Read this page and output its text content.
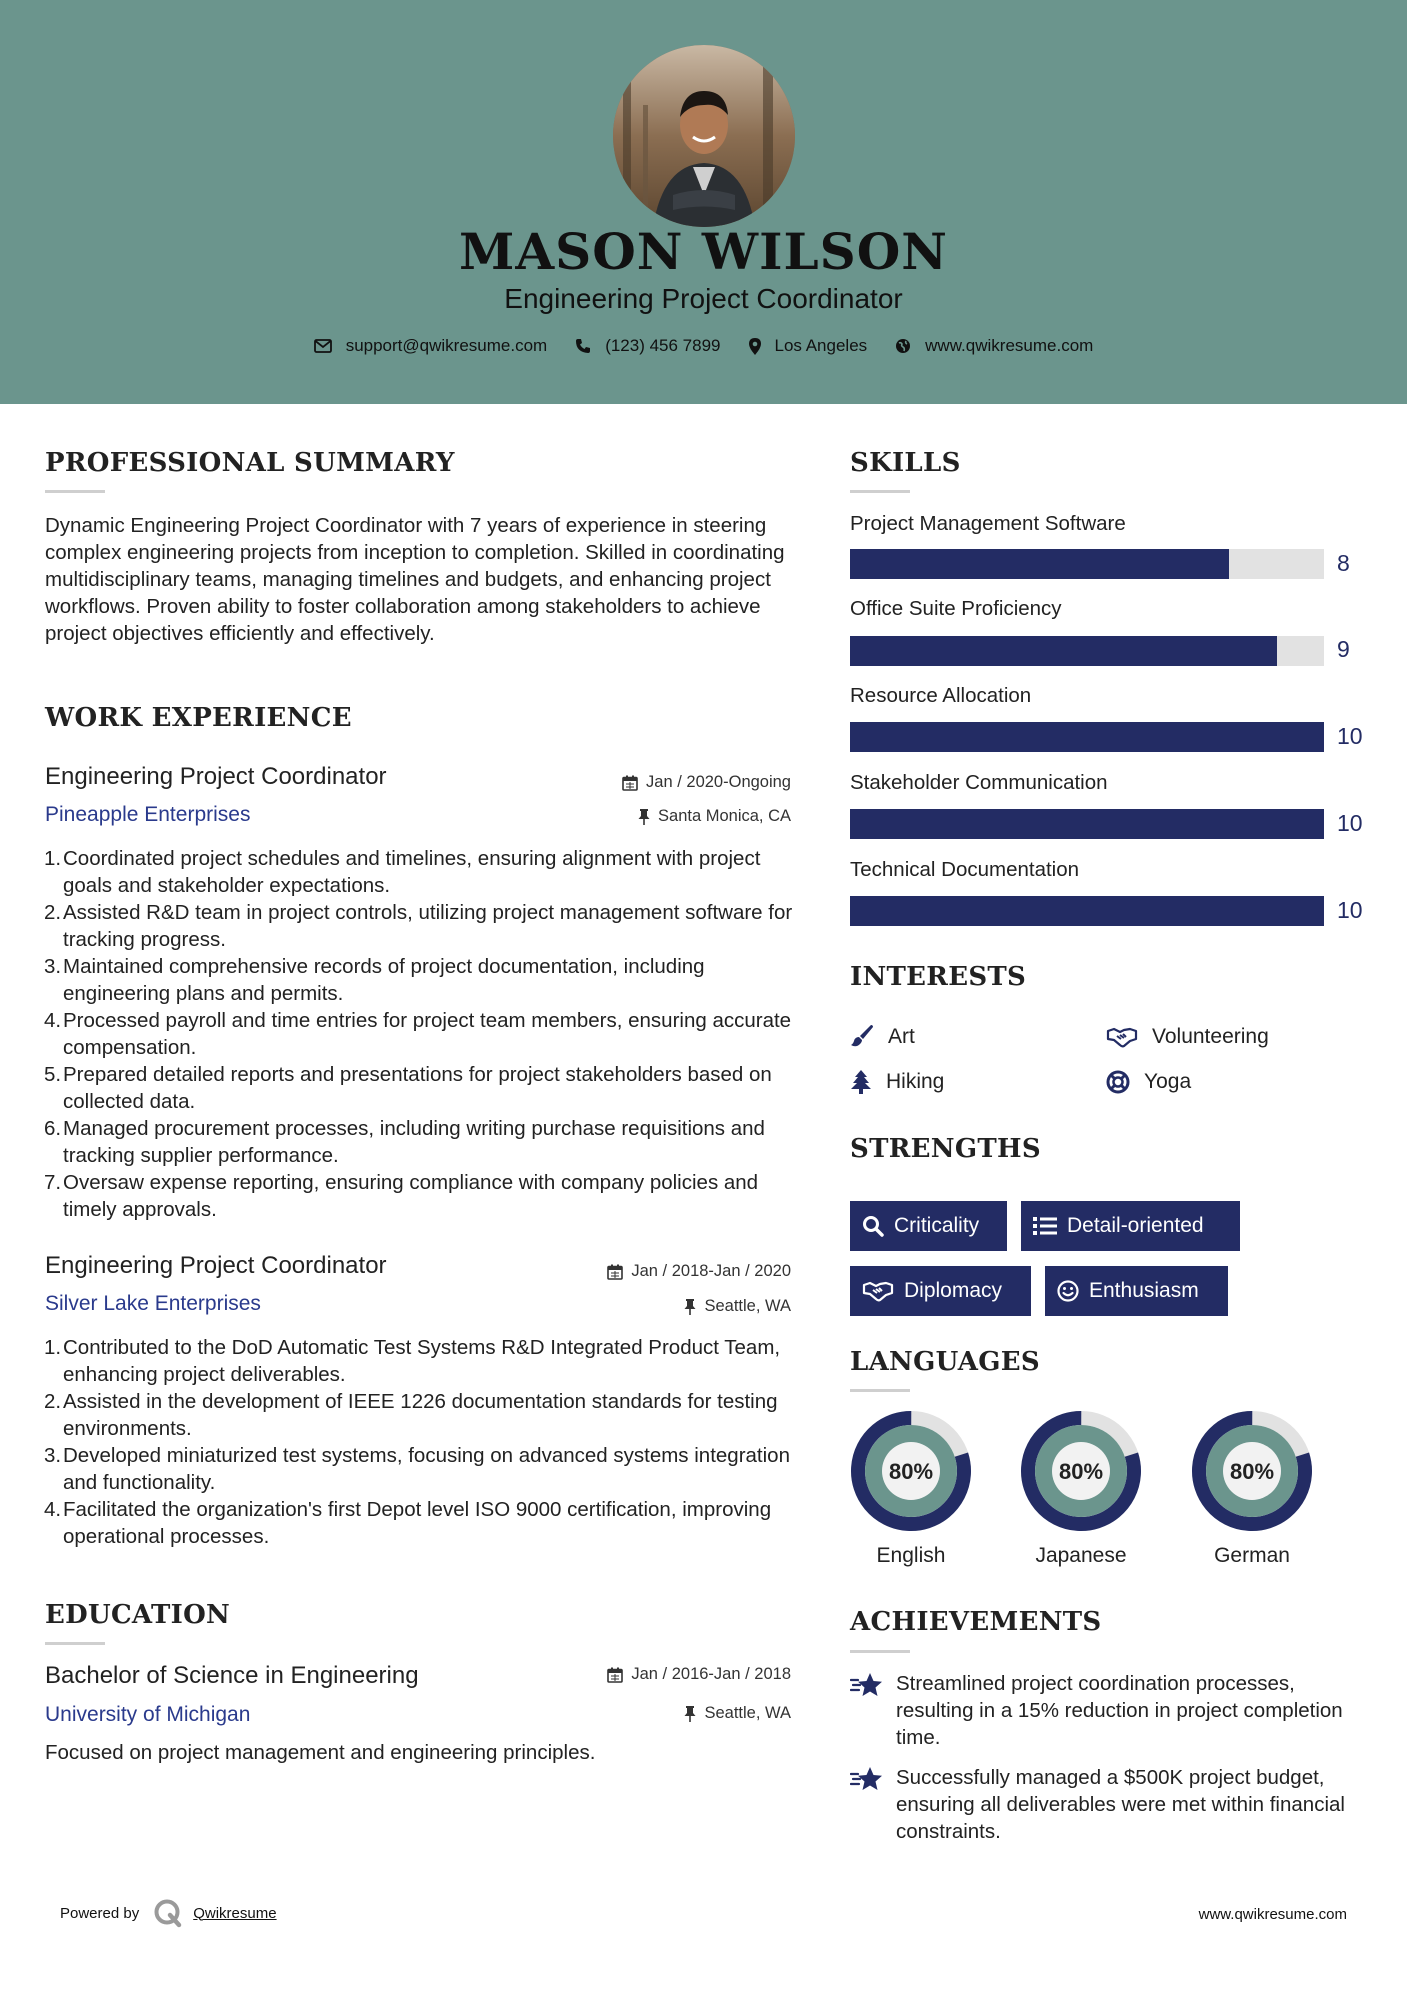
MASON WILSON
Engineering Project Coordinator
support@qwikresume.com	(123) 456 7899	Los Angeles	www.qwikresume.com
PROFESSIONAL SUMMARY
Dynamic Engineering Project Coordinator with 7 years of experience in steering complex engineering projects from inception to completion. Skilled in coordinating multidisciplinary teams, managing timelines and budgets, and enhancing project workflows. Proven ability to foster collaboration among stakeholders to achieve project objectives efficiently and effectively.
WORK EXPERIENCE
Engineering Project Coordinator	Jan / 2020-Ongoing
Pineapple Enterprises	Santa Monica, CA
1. Coordinated project schedules and timelines, ensuring alignment with project goals and stakeholder expectations.
2. Assisted R&D team in project controls, utilizing project management software for tracking progress.
3. Maintained comprehensive records of project documentation, including engineering plans and permits.
4. Processed payroll and time entries for project team members, ensuring accurate compensation.
5. Prepared detailed reports and presentations for project stakeholders based on collected data.
6. Managed procurement processes, including writing purchase requisitions and tracking supplier performance.
7. Oversaw expense reporting, ensuring compliance with company policies and timely approvals.
Engineering Project Coordinator	Jan / 2018-Jan / 2020
Silver Lake Enterprises	Seattle, WA
1. Contributed to the DoD Automatic Test Systems R&D Integrated Product Team, enhancing project deliverables.
2. Assisted in the development of IEEE 1226 documentation standards for testing environments.
3. Developed miniaturized test systems, focusing on advanced systems integration and functionality.
4. Facilitated the organization's first Depot level ISO 9000 certification, improving operational processes.
EDUCATION
Bachelor of Science in Engineering	Jan / 2016-Jan / 2018
University of Michigan	Seattle, WA
Focused on project management and engineering principles.
SKILLS
Project Management Software
8
Office Suite Proficiency
9
Resource Allocation
10
Stakeholder Communication
10
Technical Documentation
10
INTERESTS
Art	Volunteering
Hiking	Yoga
STRENGTHS
Criticality	Detail-oriented
Diplomacy	Enthusiasm
LANGUAGES
80%
English
80%
Japanese
80%
German
ACHIEVEMENTS
Streamlined project coordination processes, resulting in a 15% reduction in project completion time.
Successfully managed a $500K project budget, ensuring all deliverables were met within financial constraints.
Powered by	Qwikresume	www.qwikresume.com
